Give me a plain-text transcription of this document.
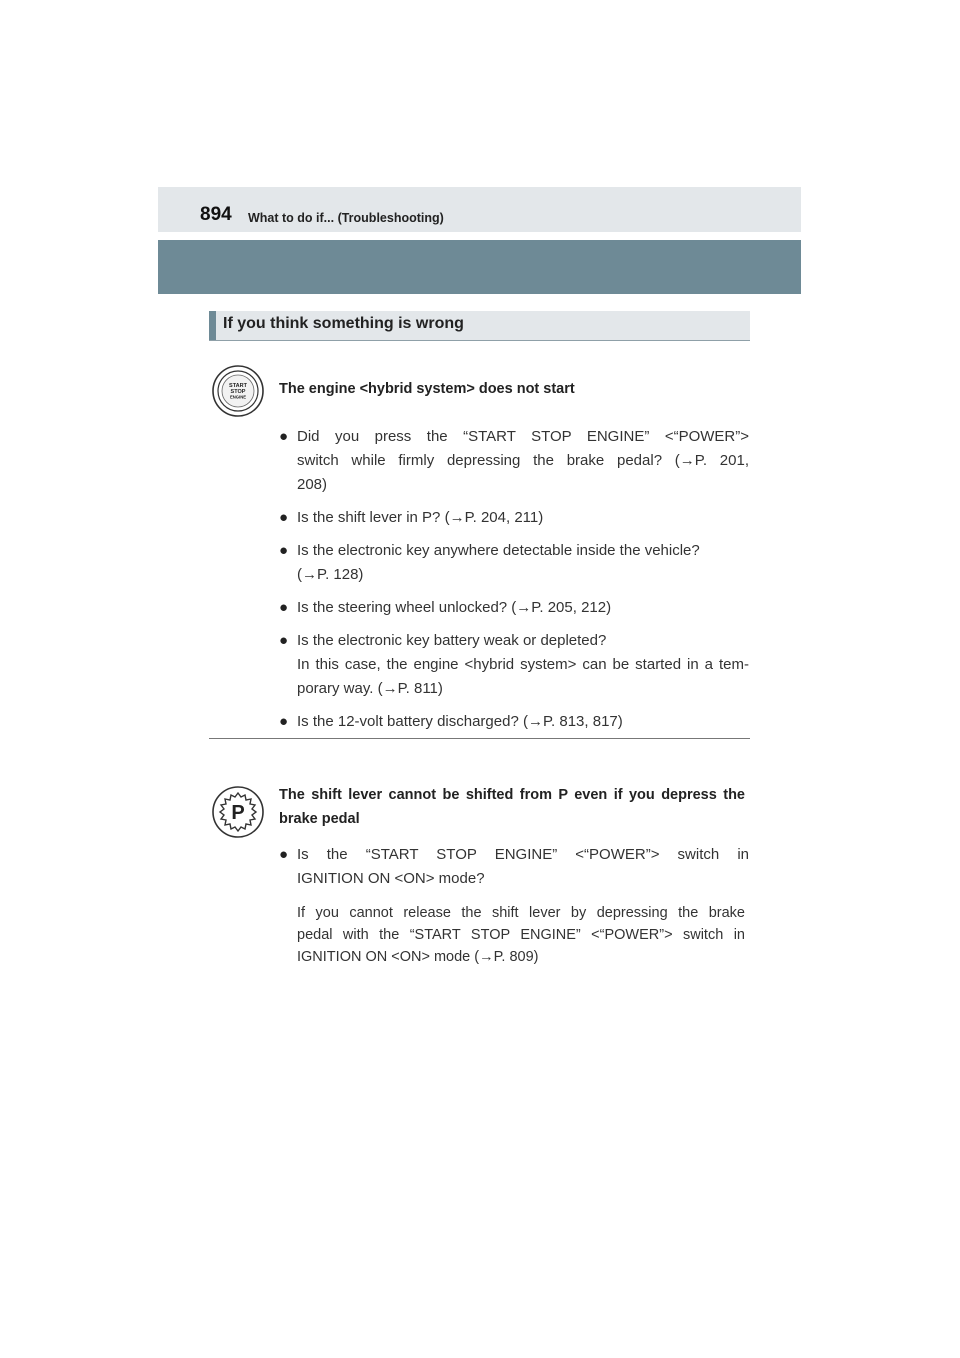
894 What to do if... (Troubleshooting)
If you think something is wrong
START
STOP
ENGINE The engine <hybrid system> does not start
● Did you press the “START STOP ENGINE” <“POWER”>
switch while firmly depressing the brake pedal? (→P. 201,
208)
● Is the shift lever in P? (→P. 204, 211)
● Is the electronic key anywhere detectable inside the vehicle?
(→P. 128)
● Is the steering wheel unlocked? (→P. 205, 212)
● Is the electronic key battery weak or depleted?
In this case, the engine <hybrid system> can be started in a tem-
porary way. (→P. 811)
● Is the 12-volt battery discharged? (→P. 813, 817)
P
The shift lever cannot be shifted from P even if you depress the
brake pedal
● Is the “START STOP ENGINE” <“POWER”> switch in
IGNITION ON <ON> mode?
If you cannot release the shift lever by depressing the brake
pedal with the “START STOP ENGINE” <“POWER”> switch in
IGNITION ON <ON> mode (→P. 809)
